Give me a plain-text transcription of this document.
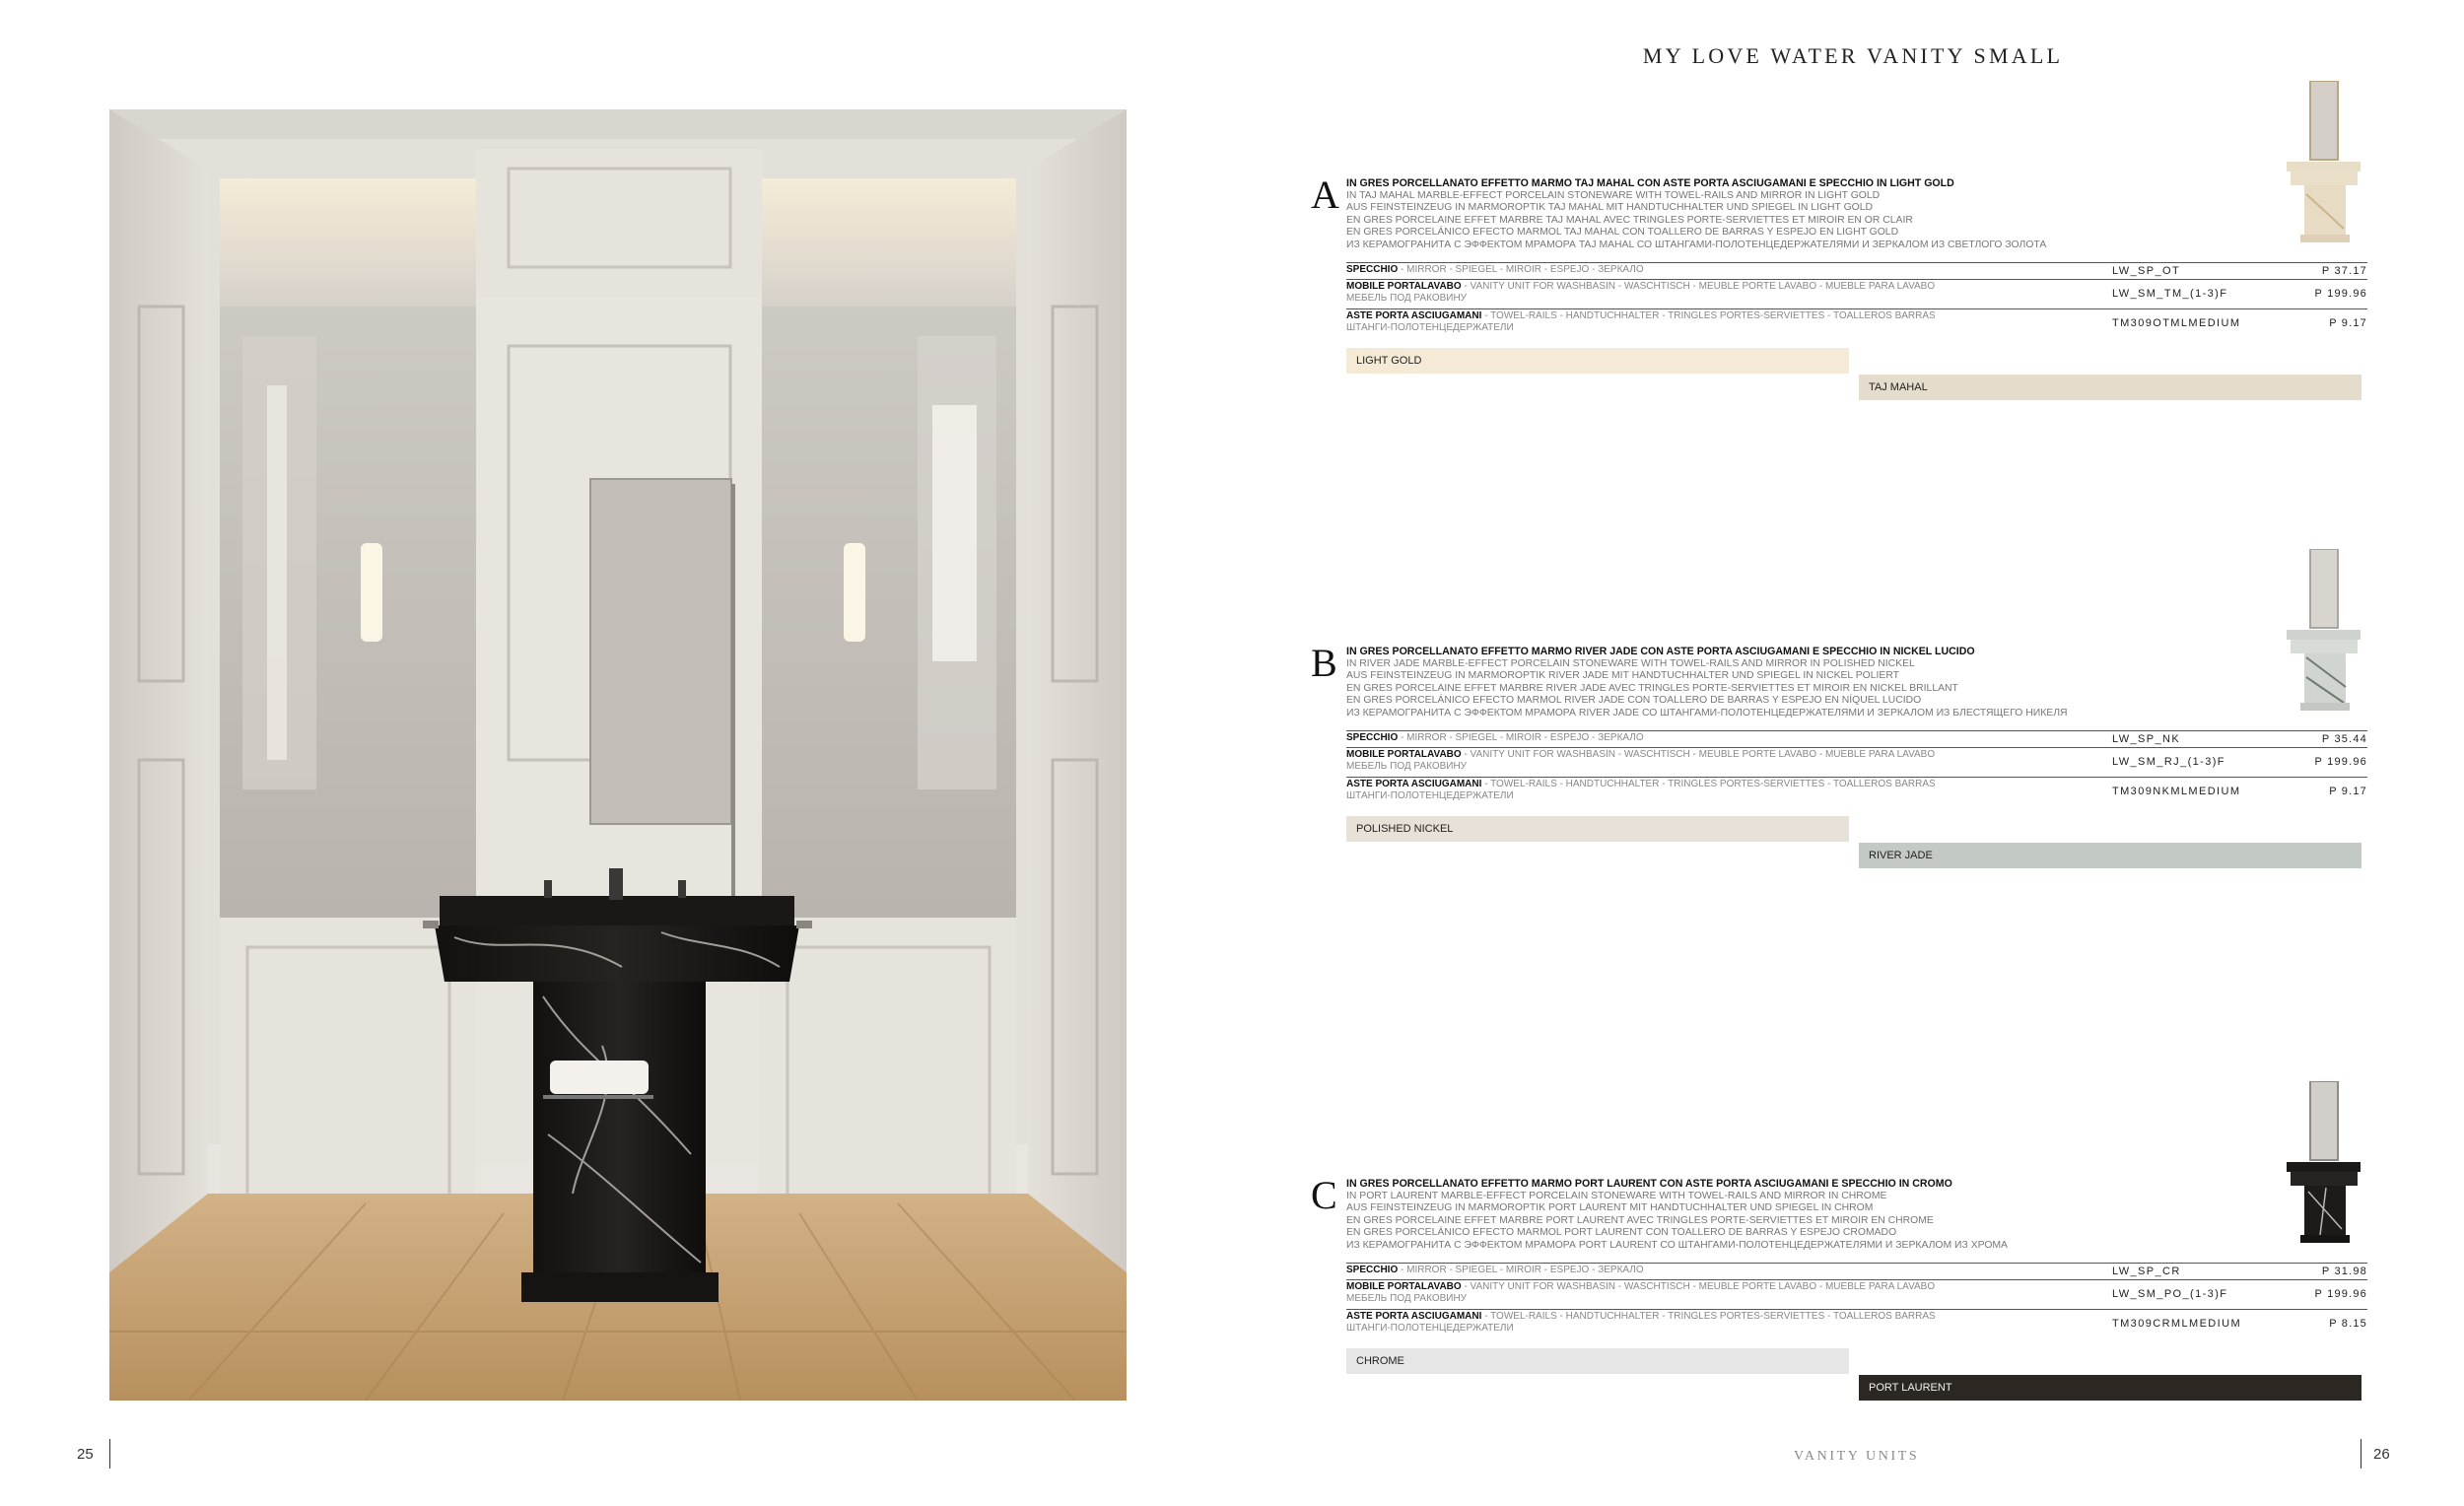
MY LOVE WATER VANITY SMALL
A IN GRES PORCELLANATO EFFETTO MARMO TAJ MAHAL CON ASTE PORTA ASCIUGAMANI E SPECCHIO IN LIGHT GOLD
IN TAJ MAHAL MARBLE-EFFECT PORCELAIN STONEWARE WITH TOWEL-RAILS AND MIRROR IN LIGHT GOLD
AUS FEINSTEINZEUG IN MARMOROPTIK TAJ MAHAL MIT HANDTUCHHALTER UND SPIEGEL IN LIGHT GOLD
EN GRES PORCELAINE EFFET MARBRE TAJ MAHAL AVEC TRINGLES PORTE-SERVIETTES ET MIROIR EN OR CLAIR
EN GRES PORCELÁNICO EFECTO MARMOL TAJ MAHAL CON TOALLERO DE BARRAS Y ESPEJO EN LIGHT GOLD
ИЗ КЕРАМОГРАНИТА С ЭФФЕКТОМ МРАМОРА TAJ MAHAL СО ШТАНГАМИ-ПОЛОТЕНЦЕДЕРЖАТЕЛЯМИ И ЗЕРКАЛОМ ИЗ СВЕТЛОГО ЗОЛОТА
SPECCHIO - MIRROR - SPIEGEL - MIROIR - ESPEJO - ЗЕРКАЛО	LW_SP_OT	P 37.17
MOBILE PORTALAVABO - VANITY UNIT FOR WASHBASIN - WASCHTISCH - MEUBLE PORTE LAVABO - MUEBLE PARA LAVABO
МЕБЕЛЬ ПОД РАКОВИНУ	LW_SM_TM_(1-3)F	P 199.96
ASTE PORTA ASCIUGAMANI - TOWEL-RAILS - HANDTUCHHALTER - TRINGLES PORTES-SERVIETTES - TOALLEROS BARRAS
ШТАНГИ-ПОЛОТЕНЦЕДЕРЖАТЕЛИ	TM309OTMLMEDIUM	P 9.17
LIGHT GOLD
TAJ MAHAL
B IN GRES PORCELLANATO EFFETTO MARMO RIVER JADE CON ASTE PORTA ASCIUGAMANI E SPECCHIO IN NICKEL LUCIDO
IN RIVER JADE MARBLE-EFFECT PORCELAIN STONEWARE WITH TOWEL-RAILS AND MIRROR IN POLISHED NICKEL
AUS FEINSTEINZEUG IN MARMOROPTIK RIVER JADE MIT HANDTUCHHALTER UND SPIEGEL IN NICKEL POLIERT
EN GRES PORCELAINE EFFET MARBRE RIVER JADE AVEC TRINGLES PORTE-SERVIETTES ET MIROIR EN NICKEL BRILLANT
EN GRES PORCELÁNICO EFECTO MARMOL RIVER JADE CON TOALLERO DE BARRAS Y ESPEJO EN NÍQUEL LUCIDO
ИЗ КЕРАМОГРАНИТА С ЭФФЕКТОМ МРАМОРА RIVER JADE СО ШТАНГАМИ-ПОЛОТЕНЦЕДЕРЖАТЕЛЯМИ И ЗЕРКАЛОМ ИЗ БЛЕСТЯЩЕГО НИКЕЛЯ
SPECCHIO - MIRROR - SPIEGEL - MIROIR - ESPEJO - ЗЕРКАЛО	LW_SP_NK	P 35.44
MOBILE PORTALAVABO - VANITY UNIT FOR WASHBASIN - WASCHTISCH - MEUBLE PORTE LAVABO - MUEBLE PARA LAVABO
МЕБЕЛЬ ПОД РАКОВИНУ	LW_SM_RJ_(1-3)F	P 199.96
ASTE PORTA ASCIUGAMANI - TOWEL-RAILS - HANDTUCHHALTER - TRINGLES PORTES-SERVIETTES - TOALLEROS BARRAS
ШТАНГИ-ПОЛОТЕНЦЕДЕРЖАТЕЛИ	TM309NKMLMEDIUM	P 9.17
POLISHED NICKEL
RIVER JADE
C IN GRES PORCELLANATO EFFETTO MARMO PORT LAURENT CON ASTE PORTA ASCIUGAMANI E SPECCHIO IN CROMO
IN PORT LAURENT MARBLE-EFFECT PORCELAIN STONEWARE WITH TOWEL-RAILS AND MIRROR IN CHROME
AUS FEINSTEINZEUG IN MARMOROPTIK PORT LAURENT MIT HANDTUCHHALTER UND SPIEGEL IN CHROM
EN GRES PORCELAINE EFFET MARBRE PORT LAURENT AVEC TRINGLES PORTE-SERVIETTES ET MIROIR EN CHROME
EN GRES PORCELÁNICO EFECTO MARMOL PORT LAURENT CON TOALLERO DE BARRAS Y ESPEJO CROMADO
ИЗ КЕРАМОГРАНИТА С ЭФФЕКТОМ МРАМОРА PORT LAURENT СО ШТАНГАМИ-ПОЛОТЕНЦЕДЕРЖАТЕЛЯМИ И ЗЕРКАЛОМ ИЗ ХРОМА
SPECCHIO - MIRROR - SPIEGEL - MIROIR - ESPEJO - ЗЕРКАЛО	LW_SP_CR	P 31.98
MOBILE PORTALAVABO - VANITY UNIT FOR WASHBASIN - WASCHTISCH - MEUBLE PORTE LAVABO - MUEBLE PARA LAVABO
МЕБЕЛЬ ПОД РАКОВИНУ	LW_SM_PO_(1-3)F	P 199.96
ASTE PORTA ASCIUGAMANI - TOWEL-RAILS - HANDTUCHHALTER - TRINGLES PORTES-SERVIETTES - TOALLEROS BARRAS
ШТАНГИ-ПОЛОТЕНЦЕДЕРЖАТЕЛИ	TM309CRMLMEDIUM	P 8.15
CHROME
PORT LAURENT
25	VANITY UNITS	26
